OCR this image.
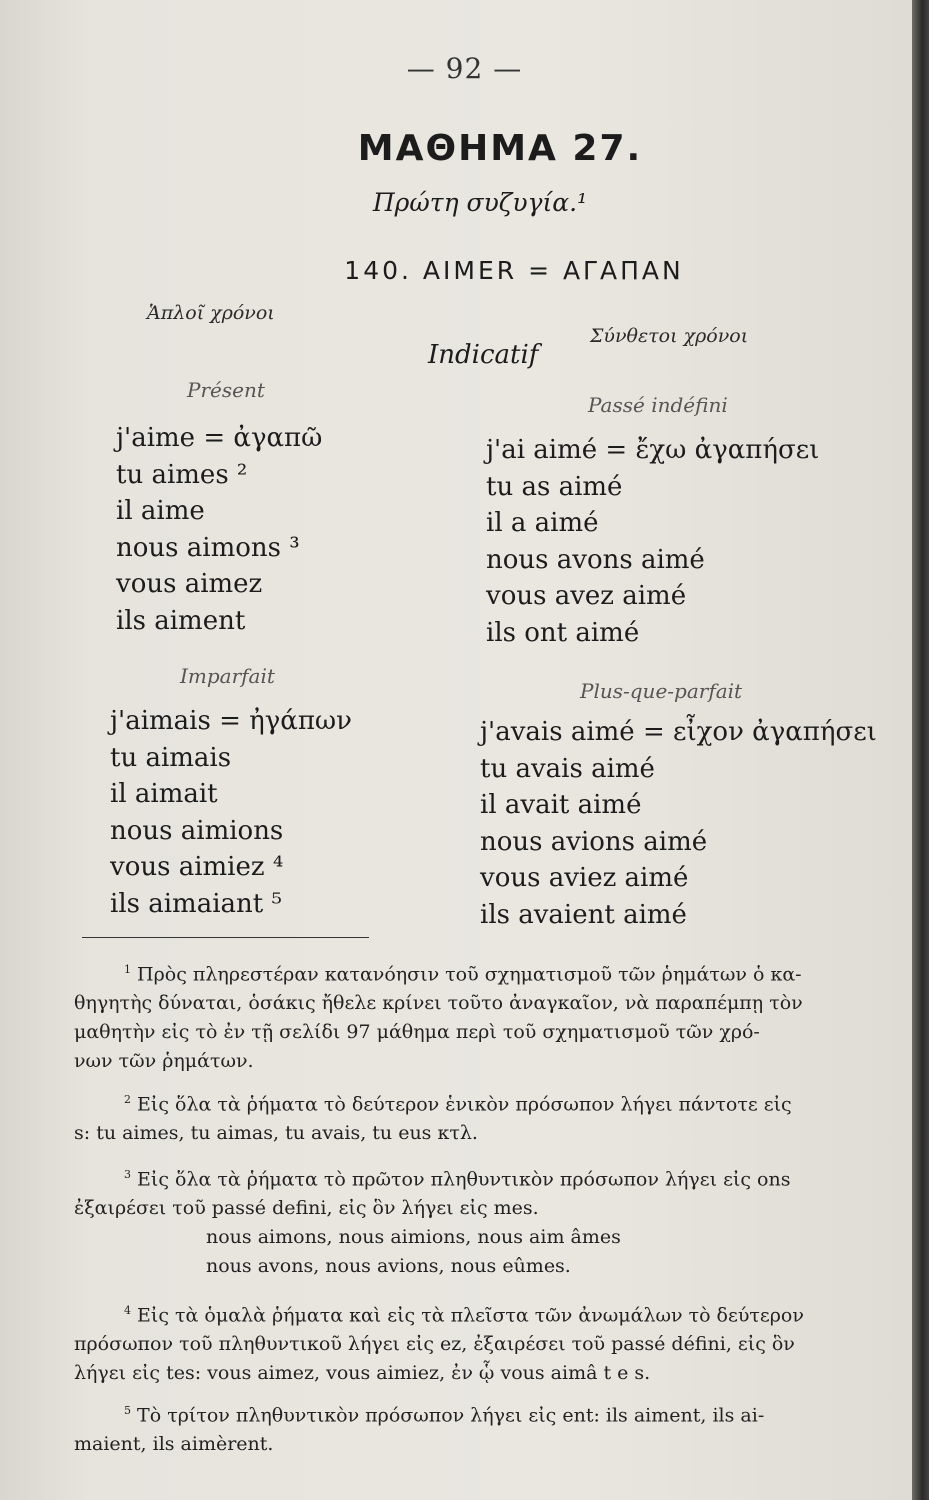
— 92 —
ΜΑΘΗΜΑ 27.
Πρώτη συζυγία.¹
140. AIMER = ΑΓΑΠΑΝ
Ἁπλοῖ χρόνοι
Σύνθετοι χρόνοι
Indicatif
Présent
j'aime = ἀγαπῶ
tu aimes ²
il aime
nous aimons ³
vous aimez
ils aiment
Passé indéfini
j'ai aimé = ἔχω ἀγαπήσει
tu as aimé
il a aimé
nous avons aimé
vous avez aimé
ils ont aimé
Imparfait
j'aimais = ἠγάπων
tu aimais
il aimait
nous aimions
vous aimiez ⁴
ils aimaiant ⁵
Plus-que-parfait
j'avais aimé = εἶχον ἀγαπήσει
tu avais aimé
il avait aimé
nous avions aimé
vous aviez aimé
ils avaient aimé
$^1$ Πρὸς πληρεστέραν κατανόησιν τοῦ σχηματισμοῦ τῶν ῥημάτων ὁ κα-
θηγητὴς δύναται, ὁσάκις ἤθελε κρίνει τοῦτο ἀναγκαῖον, νὰ παραπέμπῃ τὸν
μαθητὴν εἰς τὸ ἐν τῇ σελίδι 97 μάθημα περὶ τοῦ σχηματισμοῦ τῶν χρό-
νων τῶν ῥημάτων.
$^2$ Εἰς ὅλα τὰ ῥήματα τὸ δεύτερον ἑνικὸν πρόσωπον λήγει πάντοτε εἰς
s: tu aimes, tu aimas, tu avais, tu eus κτλ.
$^3$ Εἰς ὅλα τὰ ῥήματα τὸ πρῶτον πληθυντικὸν πρόσωπον λήγει εἰς ons
ἐξαιρέσει τοῦ passé defini, εἰς ὃν λήγει εἰς mes.
nous aimons, nous aimions, nous aim âmes
nous avons, nous avions, nous eûmes.
$^4$ Εἰς τὰ ὁμαλὰ ῥήματα καὶ εἰς τὰ πλεῖστα τῶν ἀνωμάλων τὸ δεύτερον
πρόσωπον τοῦ πληθυντικοῦ λήγει εἰς ez, ἐξαιρέσει τοῦ passé défini, εἰς ὃν
λήγει εἰς tes: vous aimez, vous aimiez, ἐν ᾧ vous aimâ t e s.
$^5$ Τὸ τρίτον πληθυντικὸν πρόσωπον λήγει εἰς ent: ils aiment, ils ai-
maient, ils aimèrent.
